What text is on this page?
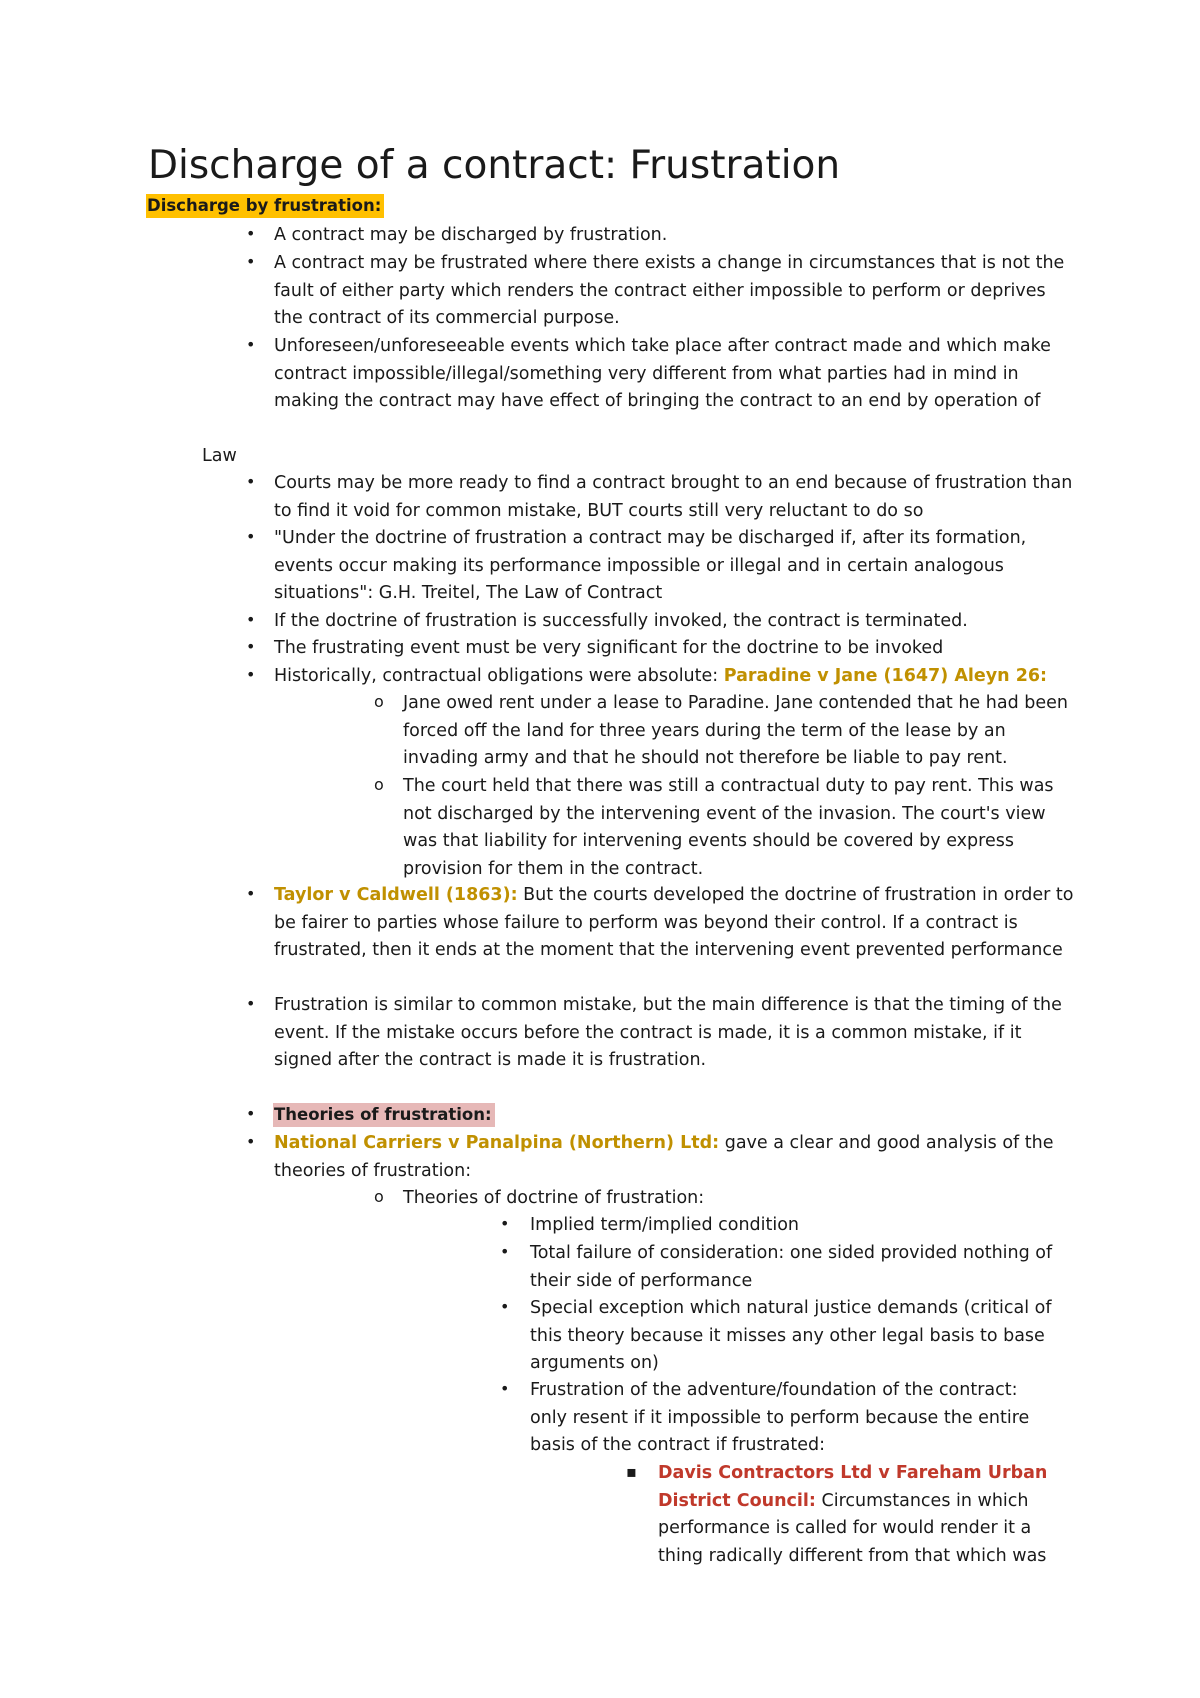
Discharge of a contract: Frustration
Discharge by frustration:
• A contract may be discharged by frustration.
• A contract may be frustrated where there exists a change in circumstances that is not the fault of either party which renders the contract either impossible to perform or deprives the contract of its commercial purpose.
• Unforeseen/unforeseeable events which take place after contract made and which make contract impossible/illegal/something very different from what parties had in mind in making the contract may have effect of bringing the contract to an end by operation of
Law
• Courts may be more ready to find a contract brought to an end because of frustration than to find it void for common mistake, BUT courts still very reluctant to do so
• "Under the doctrine of frustration a contract may be discharged if, after its formation, events occur making its performance impossible or illegal and in certain analogous situations": G.H. Treitel, The Law of Contract
• If the doctrine of frustration is successfully invoked, the contract is terminated.
• The frustrating event must be very significant for the doctrine to be invoked
• Historically, contractual obligations were absolute: Paradine v Jane (1647) Aleyn 26:
o Jane owed rent under a lease to Paradine. Jane contended that he had been forced off the land for three years during the term of the lease by an invading army and that he should not therefore be liable to pay rent.
o The court held that there was still a contractual duty to pay rent. This was not discharged by the intervening event of the invasion. The court's view was that liability for intervening events should be covered by express provision for them in the contract.
• Taylor v Caldwell (1863): But the courts developed the doctrine of frustration in order to be fairer to parties whose failure to perform was beyond their control. If a contract is frustrated, then it ends at the moment that the intervening event prevented performance
• Frustration is similar to common mistake, but the main difference is that the timing of the event. If the mistake occurs before the contract is made, it is a common mistake, if it signed after the contract is made it is frustration.
• Theories of frustration:
• National Carriers v Panalpina (Northern) Ltd: gave a clear and good analysis of the theories of frustration:
o Theories of doctrine of frustration:
• Implied term/implied condition
• Total failure of consideration: one sided provided nothing of their side of performance
• Special exception which natural justice demands (critical of this theory because it misses any other legal basis to base arguments on)
• Frustration of the adventure/foundation of the contract: only resent if it impossible to perform because the entire basis of the contract if frustrated:
▪ Davis Contractors Ltd v Fareham Urban District Council: Circumstances in which performance is called for would render it a thing radically different from that which was
